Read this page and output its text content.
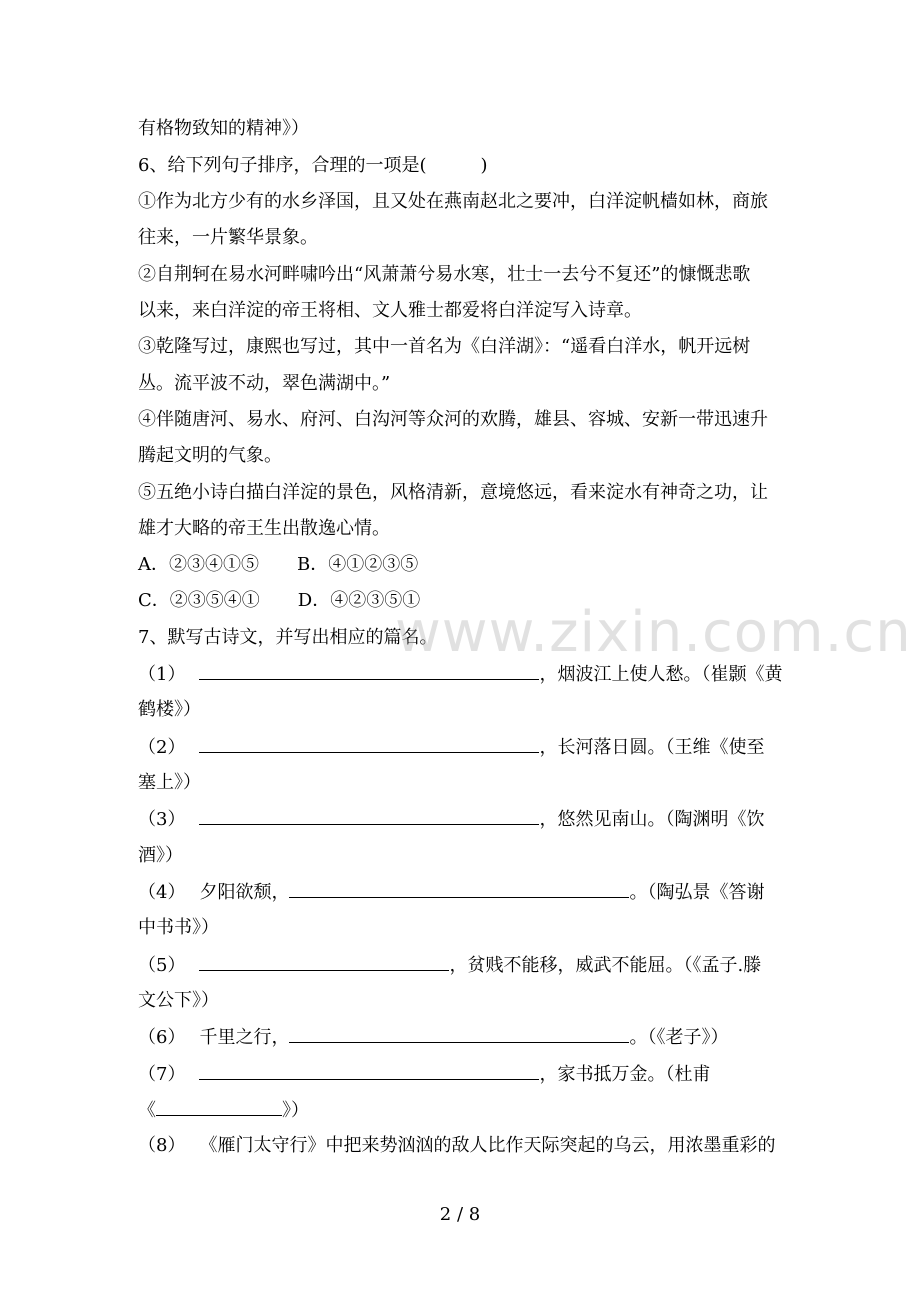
有格物致知的精神》）
6、给下列句子排序，合理的一项是(　　　)
①作为北方少有的水乡泽国，且又处在燕南赵北之要冲，白洋淀帆樯如林，商旅
往来，一片繁华景象。
②自荆轲在易水河畔啸吟出“风萧萧兮易水寒，壮士一去兮不复还”的慷慨悲歌
以来，来白洋淀的帝王将相、文人雅士都爱将白洋淀写入诗章。
③乾隆写过，康熙也写过，其中一首名为《白洋湖》：“遥看白洋水，帆开远树
丛。流平波不动，翠色满湖中。”
④伴随唐河、易水、府河、白沟河等众河的欢腾，雄县、容城、安新一带迅速升
腾起文明的气象。
⑤五绝小诗白描白洋淀的景色，风格清新，意境悠远，看来淀水有神奇之功，让
雄才大略的帝王生出散逸心情。
A．②③④①⑤ B．④①②③⑤
C．②③⑤④① D．④②③⑤①
7、默写古诗文，并写出相应的篇名。
（1）	，烟波江上使人愁。（崔颢《黄
鹤楼》）
（2）	，长河落日圆。（王维《使至
塞上》）
（3）	，悠然见南山。（陶渊明《饮
酒》）
（4） 夕阳欲颓，	。（陶弘景《答谢
中书书》）
（5）	，贫贱不能移，威武不能屈。（《孟子.滕
文公下》）
（6） 千里之行，	。（《老子》）
（7）	，家书抵万金。（杜甫
《	》）
（8） 《雁门太守行》中把来势汹汹的敌人比作天际突起的乌云，用浓墨重彩的
www.zixin.com.cn
2 / 8
